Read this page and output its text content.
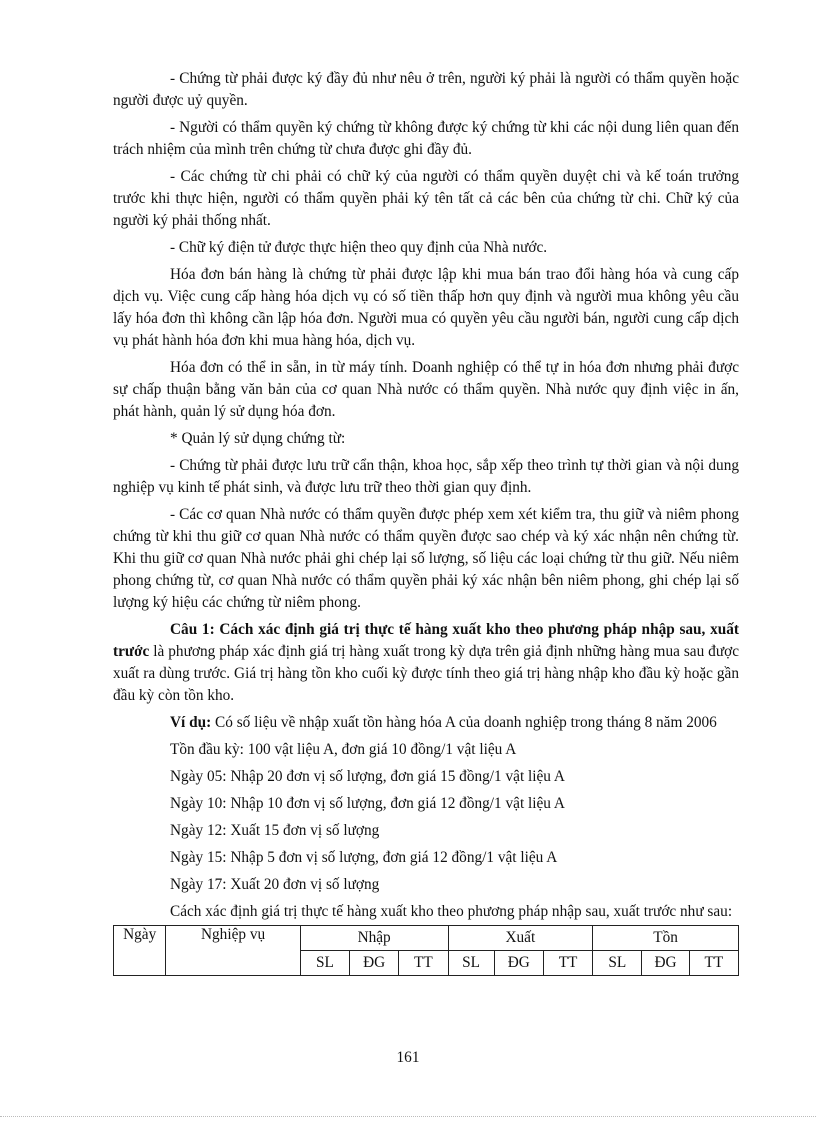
- Chứng từ phải được ký đầy đủ như nêu ở trên, người ký phải là người có thẩm quyền hoặc người được uỷ quyền.

- Người có thẩm quyền ký chứng từ không được ký chứng từ khi các nội dung liên quan đến trách nhiệm của mình trên chứng từ chưa được ghi đầy đủ.

- Các chứng từ chi phải có chữ ký của người có thẩm quyền duyệt chi và kế toán trưởng trước khi thực hiện, người có thẩm quyền phải ký tên tất cả các bên của chứng từ chi. Chữ ký của người ký phải thống nhất.

- Chữ ký điện tử được thực hiện theo quy định của Nhà nước.

Hóa đơn bán hàng là chứng từ phải được lập khi mua bán trao đổi hàng hóa và cung cấp dịch vụ. Việc cung cấp hàng hóa dịch vụ có số tiền thấp hơn quy định và người mua không yêu cầu lấy hóa đơn thì không cần lập hóa đơn. Người mua có quyền yêu cầu người bán, người cung cấp dịch vụ phát hành hóa đơn khi mua hàng hóa, dịch vụ.

Hóa đơn có thể in sẵn, in từ máy tính. Doanh nghiệp có thể tự in hóa đơn nhưng phải được sự chấp thuận bằng văn bản của cơ quan Nhà nước có thẩm quyền. Nhà nước quy định việc in ấn, phát hành, quản lý sử dụng hóa đơn.

* Quản lý sử dụng chứng từ:

- Chứng từ phải được lưu trữ cẩn thận, khoa học, sắp xếp theo trình tự thời gian và nội dung nghiệp vụ kinh tế phát sinh, và được lưu trữ theo thời gian quy định.

- Các cơ quan Nhà nước có thẩm quyền được phép xem xét kiểm tra, thu giữ và niêm phong chứng từ khi thu giữ cơ quan Nhà nước có thẩm quyền được sao chép và ký xác nhận nên chứng từ. Khi thu giữ cơ quan Nhà nước phải ghi chép lại số lượng, số liệu các loại chứng từ thu giữ. Nếu niêm phong chứng từ, cơ quan Nhà nước có thẩm quyền phải ký xác nhận bên niêm phong, ghi chép lại số lượng ký hiệu các chứng từ niêm phong.

Câu 1: Cách xác định giá trị thực tế hàng xuất kho theo phương pháp nhập sau, xuất trước là phương pháp xác định giá trị hàng xuất trong kỳ dựa trên giả định những hàng mua sau được xuất ra dùng trước. Giá trị hàng tồn kho cuối kỳ được tính theo giá trị hàng nhập kho đầu kỳ hoặc gần đầu kỳ còn tồn kho.

Ví dụ: Có số liệu về nhập xuất tồn hàng hóa A của doanh nghiệp trong tháng 8 năm 2006

Tồn đầu kỳ: 100 vật liệu A, đơn giá 10 đồng/1 vật liệu A

Ngày 05: Nhập 20 đơn vị số lượng, đơn giá 15 đồng/1 vật liệu A

Ngày 10: Nhập 10 đơn vị số lượng, đơn giá 12 đồng/1 vật liệu A

Ngày 12: Xuất 15 đơn vị số lượng

Ngày 15: Nhập 5 đơn vị số lượng, đơn giá 12 đồng/1 vật liệu A

Ngày 17: Xuất 20 đơn vị số lượng

Cách xác định giá trị thực tế hàng xuất kho theo phương pháp nhập sau, xuất trước như sau:

Ngày	Nghiệp vụ	Nhập			Xuất			Tồn		
		SL	ĐG	TT	SL	ĐG	TT	SL	ĐG	TT
161
